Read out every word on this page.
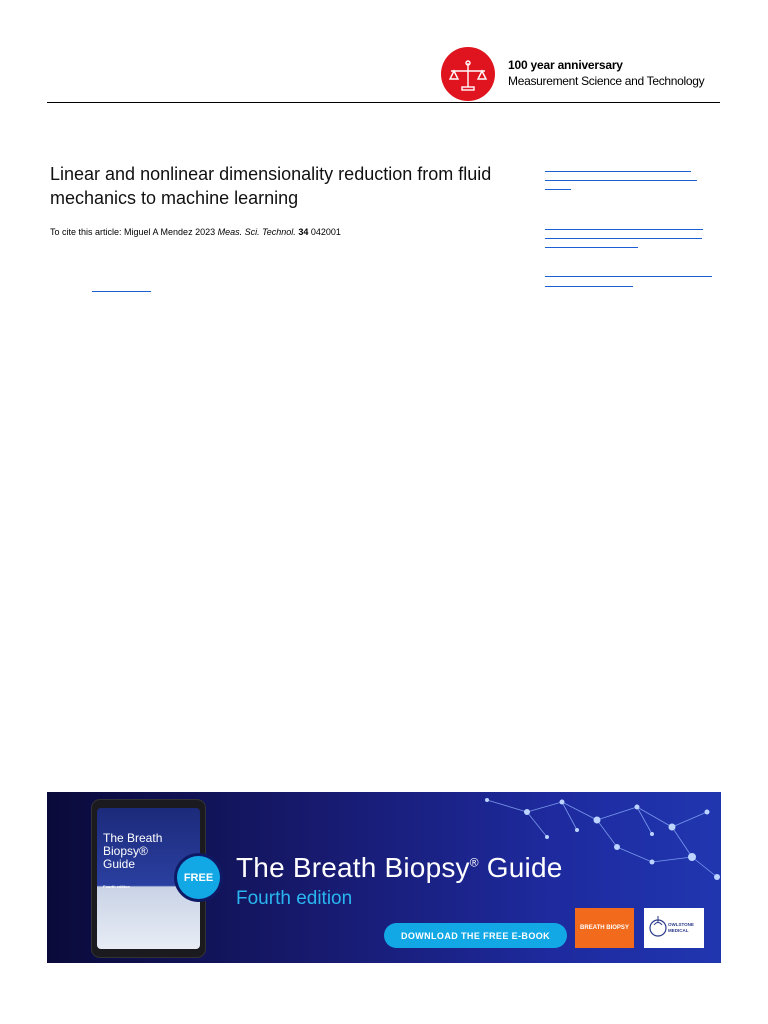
100 year anniversary
Measurement Science and Technology
Linear and nonlinear dimensionality reduction from fluid mechanics to machine learning
To cite this article: Miguel A Mendez 2023 Meas. Sci. Technol. 34 042001
The Breath Biopsy® Guide
Fourth edition
FREE The Breath Biopsy® Guide
Fourth edition
DOWNLOAD THE FREE E-BOOK
BREATH BIOPSY	OWLSTONE MEDICAL
